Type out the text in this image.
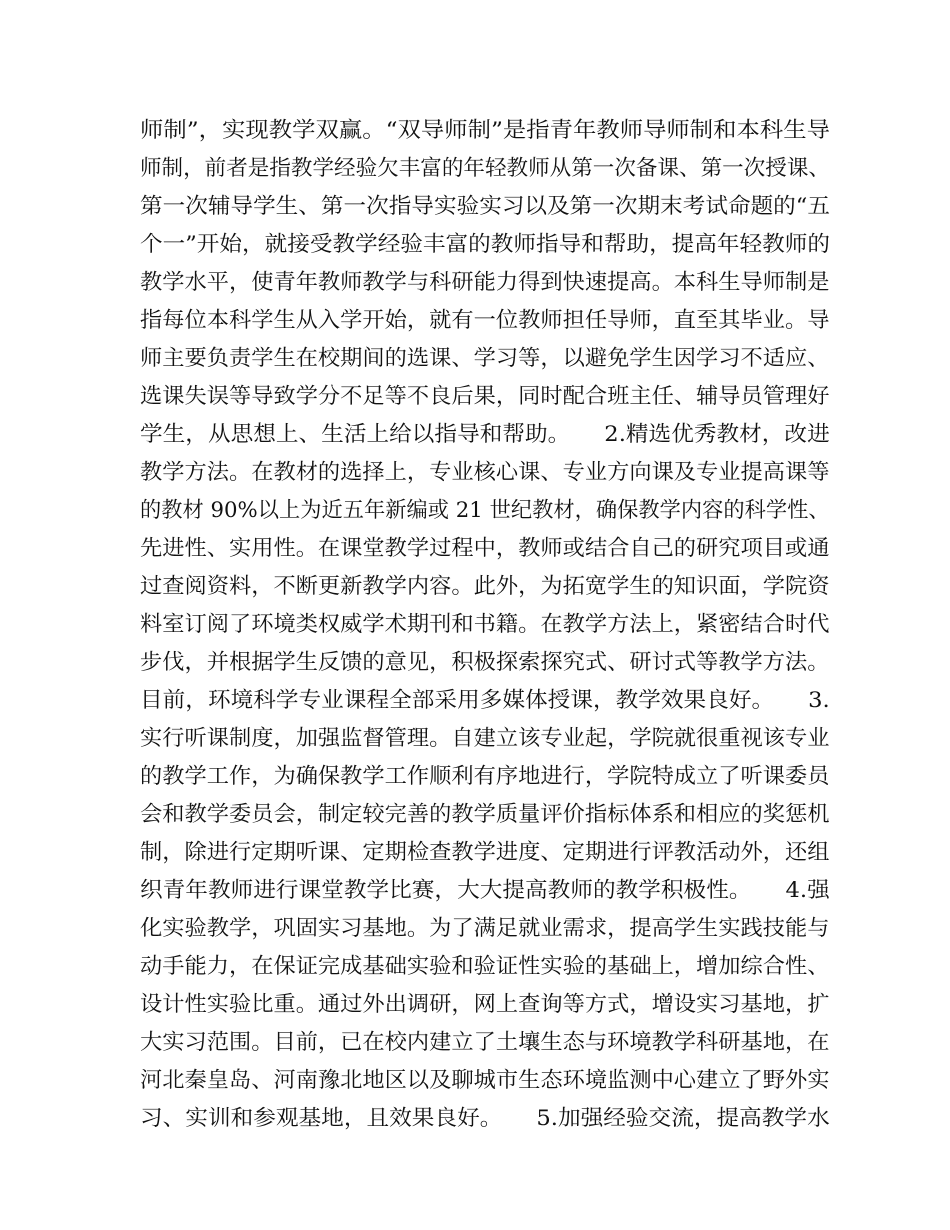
师制”，实现教学双赢。“双导师制”是指青年教师导师制和本科生导
师制，前者是指教学经验欠丰富的年轻教师从第一次备课、第一次授课、
第一次辅导学生、第一次指导实验实习以及第一次期末考试命题的“五
个一”开始，就接受教学经验丰富的教师指导和帮助，提高年轻教师的
教学水平，使青年教师教学与科研能力得到快速提高。本科生导师制是
指每位本科学生从入学开始，就有一位教师担任导师，直至其毕业。导
师主要负责学生在校期间的选课、学习等，以避免学生因学习不适应、
选课失误等导致学分不足等不良后果，同时配合班主任、辅导员管理好
学生，从思想上、生活上给以指导和帮助。　　2.精选优秀教材，改进
教学方法。在教材的选择上，专业核心课、专业方向课及专业提高课等
的教材 90%以上为近五年新编或 21 世纪教材，确保教学内容的科学性、
先进性、实用性。在课堂教学过程中，教师或结合自己的研究项目或通
过查阅资料，不断更新教学内容。此外，为拓宽学生的知识面，学院资
料室订阅了环境类权威学术期刊和书籍。在教学方法上，紧密结合时代
步伐，并根据学生反馈的意见，积极探索探究式、研讨式等教学方法。
目前，环境科学专业课程全部采用多媒体授课，教学效果良好。　　3.
实行听课制度，加强监督管理。自建立该专业起，学院就很重视该专业
的教学工作，为确保教学工作顺利有序地进行，学院特成立了听课委员
会和教学委员会，制定较完善的教学质量评价指标体系和相应的奖惩机
制，除进行定期听课、定期检查教学进度、定期进行评教活动外，还组
织青年教师进行课堂教学比赛，大大提高教师的教学积极性。　　4.强
化实验教学，巩固实习基地。为了满足就业需求，提高学生实践技能与
动手能力，在保证完成基础实验和验证性实验的基础上，增加综合性、
设计性实验比重。通过外出调研，网上查询等方式，增设实习基地，扩
大实习范围。目前，已在校内建立了土壤生态与环境教学科研基地，在
河北秦皇岛、河南豫北地区以及聊城市生态环境监测中心建立了野外实
习、实训和参观基地，且效果良好。　　5.加强经验交流，提高教学水
